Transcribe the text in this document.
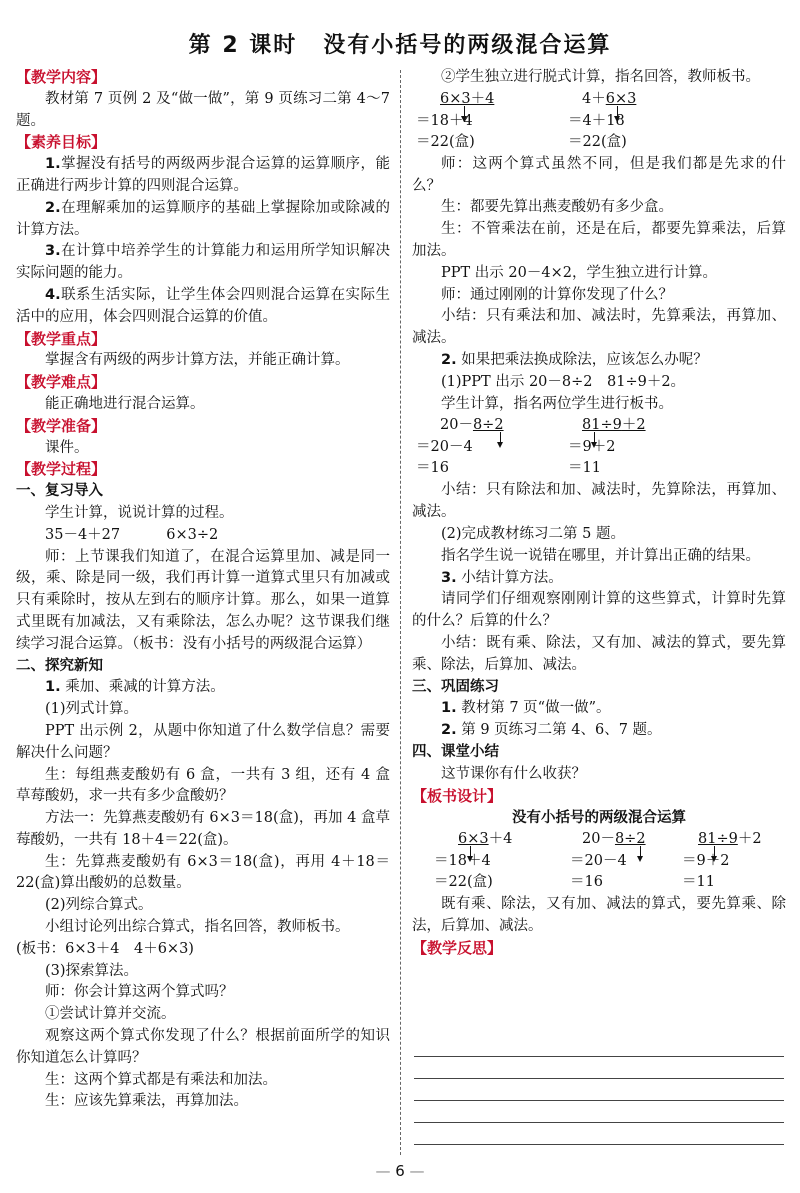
第 2 课时 没有小括号的两级混合运算

【教学内容】

教材第 7 页例 2 及“做一做”，第 9 页练习二第 4～7 题。

【素养目标】

1.掌握没有括号的两级两步混合运算的运算顺序，能正确进行两步计算的四则混合运算。

2.在理解乘加的运算顺序的基础上掌握除加或除减的计算方法。

3.在计算中培养学生的计算能力和运用所学知识解决实际问题的能力。

4.联系生活实际，让学生体会四则混合运算在实际生活中的应用，体会四则混合运算的价值。

【教学重点】

掌握含有两级的两步计算方法，并能正确计算。

【教学难点】

能正确地进行混合运算。

【教学准备】

课件。

【教学过程】

一、复习导入

学生计算，说说计算的过程。

35－4＋27	6×3÷2

师：上节课我们知道了，在混合运算里加、减是同一级，乘、除是同一级，我们再计算一道算式里只有加减或只有乘除时，按从左到右的顺序计算。那么，如果一道算式里既有加减法，又有乘除法，怎么办呢？这节课我们继续学习混合运算。（板书：没有小括号的两级混合运算）

二、探究新知

1. 乘加、乘减的计算方法。

(1)列式计算。

PPT 出示例 2，从题中你知道了什么数学信息？需要解决什么问题？

生：每组燕麦酸奶有 6 盒，一共有 3 组，还有 4 盒草莓酸奶，求一共有多少盒酸奶？

方法一：先算燕麦酸奶有 6×3＝18(盒)，再加 4 盒草莓酸奶，一共有 18＋4＝22(盒)。

生：先算燕麦酸奶有 6×3＝18(盒)，再用 4＋18＝22(盒)算出酸奶的总数量。

(2)列综合算式。

小组讨论列出综合算式，指名回答，教师板书。

(板书：6×3＋4　4＋6×3)

(3)探索算法。

师：你会计算这两个算式吗？

①尝试计算并交流。

观察这两个算式你发现了什么？根据前面所学的知识你知道怎么计算吗？

生：这两个算式都是有乘法和加法。

生：应该先算乘法，再算加法。

②学生独立进行脱式计算，指名回答，教师板书。

6×3＋4
＝18＋4
＝22(盒)
4＋6×3
＝4＋18
＝22(盒)

师：这两个算式虽然不同，但是我们都是先求的什么？

生：都要先算出燕麦酸奶有多少盒。

生：不管乘法在前，还是在后，都要先算乘法，后算加法。

PPT 出示 20－4×2，学生独立进行计算。

师：通过刚刚的计算你发现了什么？

小结：只有乘法和加、减法时，先算乘法，再算加、减法。

2. 如果把乘法换成除法，应该怎么办呢？

(1)PPT 出示 20－8÷2　81÷9＋2。

学生计算，指名两位学生进行板书。

20－8÷2
＝20－4
＝16
81÷9＋2
＝9＋2
＝11

小结：只有除法和加、减法时，先算除法，再算加、减法。

(2)完成教材练习二第 5 题。

指名学生说一说错在哪里，并计算出正确的结果。

3. 小结计算方法。

请同学们仔细观察刚刚计算的这些算式，计算时先算的什么？后算的什么？

小结：既有乘、除法，又有加、减法的算式，要先算乘、除法，后算加、减法。

三、巩固练习

1. 教材第 7 页“做一做”。

2. 第 9 页练习二第 4、6、7 题。

四、课堂小结

这节课你有什么收获？

【板书设计】

没有小括号的两级混合运算

6×3＋4
＝18＋4
＝22(盒)
20－8÷2
＝20－4
＝16
81÷9＋2
＝9＋2
＝11

既有乘、除法，又有加、减法的算式，要先算乘、除法，后算加、减法。

【教学反思】

— 6 —
